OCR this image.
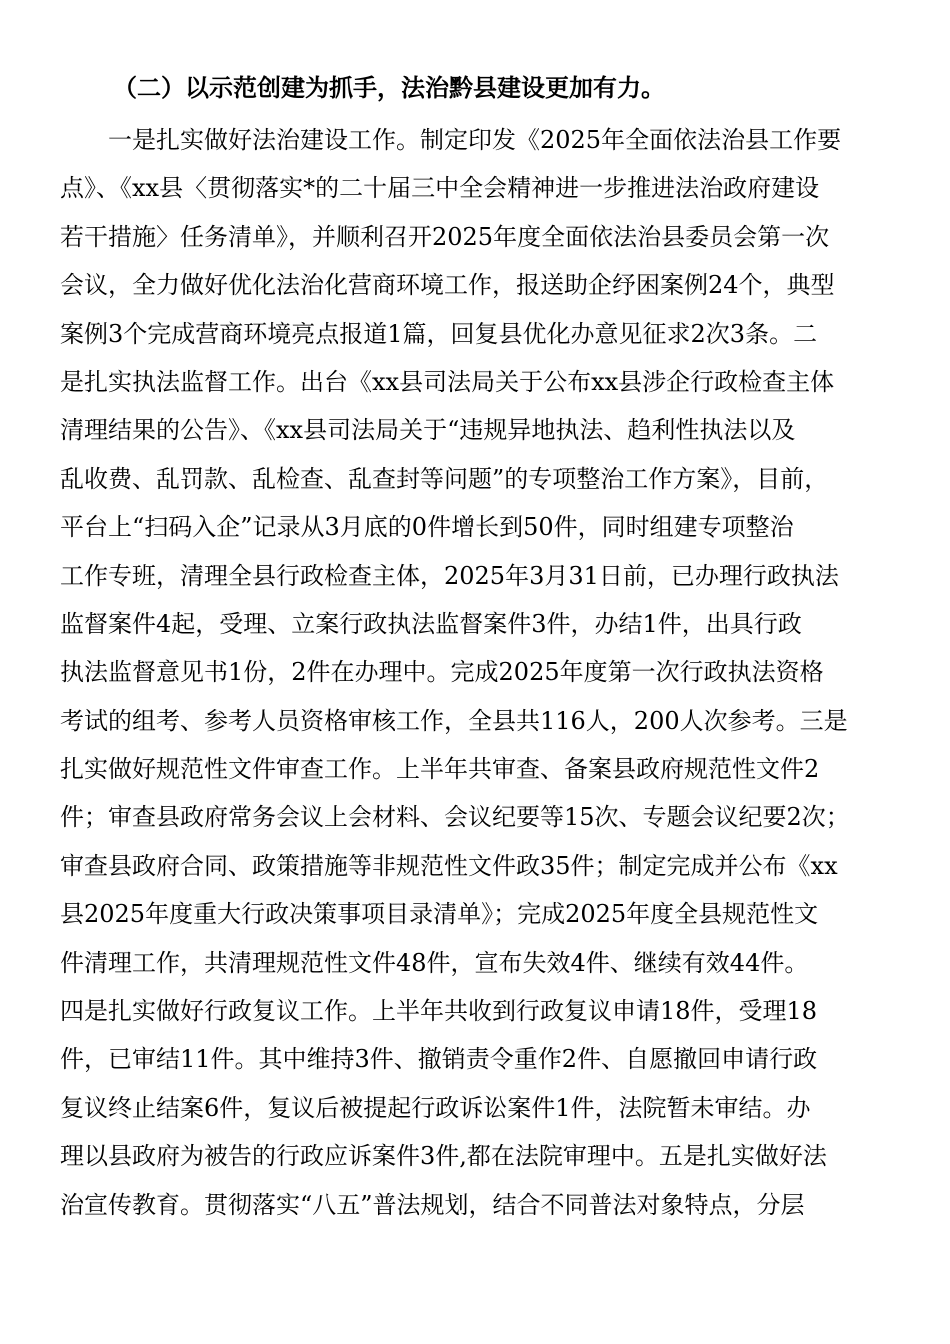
（二）以示范创建为抓手，法治黔县建设更加有力。
　　一是扎实做好法治建设工作。制定印发《2025年全面依法治县工作要
点》、《xx县〈贯彻落实*的二十届三中全会精神进一步推进法治政府建设
若干措施〉任务清单》，并顺利召开2025年度全面依法治县委员会第一次
会议，全力做好优化法治化营商环境工作，报送助企纾困案例24个，典型
案例3个完成营商环境亮点报道1篇，回复县优化办意见征求2次3条。二
是扎实执法监督工作。出台《xx县司法局关于公布xx县涉企行政检查主体
清理结果的公告》、《xx县司法局关于“违规异地执法、趋利性执法以及
乱收费、乱罚款、乱检查、乱查封等问题”的专项整治工作方案》，目前，
平台上“扫码入企”记录从3月底的0件增长到50件，同时组建专项整治
工作专班，清理全县行政检查主体，2025年3月31日前，已办理行政执法
监督案件4起，受理、立案行政执法监督案件3件，办结1件，出具行政
执法监督意见书1份，2件在办理中。完成2025年度第一次行政执法资格
考试的组考、参考人员资格审核工作，全县共116人，200人次参考。三是
扎实做好规范性文件审查工作。上半年共审查、备案县政府规范性文件2
件；审查县政府常务会议上会材料、会议纪要等15次、专题会议纪要2次；
审查县政府合同、政策措施等非规范性文件政35件；制定完成并公布《xx
县2025年度重大行政决策事项目录清单》；完成2025年度全县规范性文
件清理工作，共清理规范性文件48件，宣布失效4件、继续有效44件。
四是扎实做好行政复议工作。上半年共收到行政复议申请18件，受理18
件，已审结11件。其中维持3件、撤销责令重作2件、自愿撤回申请行政
复议终止结案6件，复议后被提起行政诉讼案件1件，法院暂未审结。办
理以县政府为被告的行政应诉案件3件,都在法院审理中。五是扎实做好法
治宣传教育。贯彻落实“八五”普法规划，结合不同普法对象特点，分层
